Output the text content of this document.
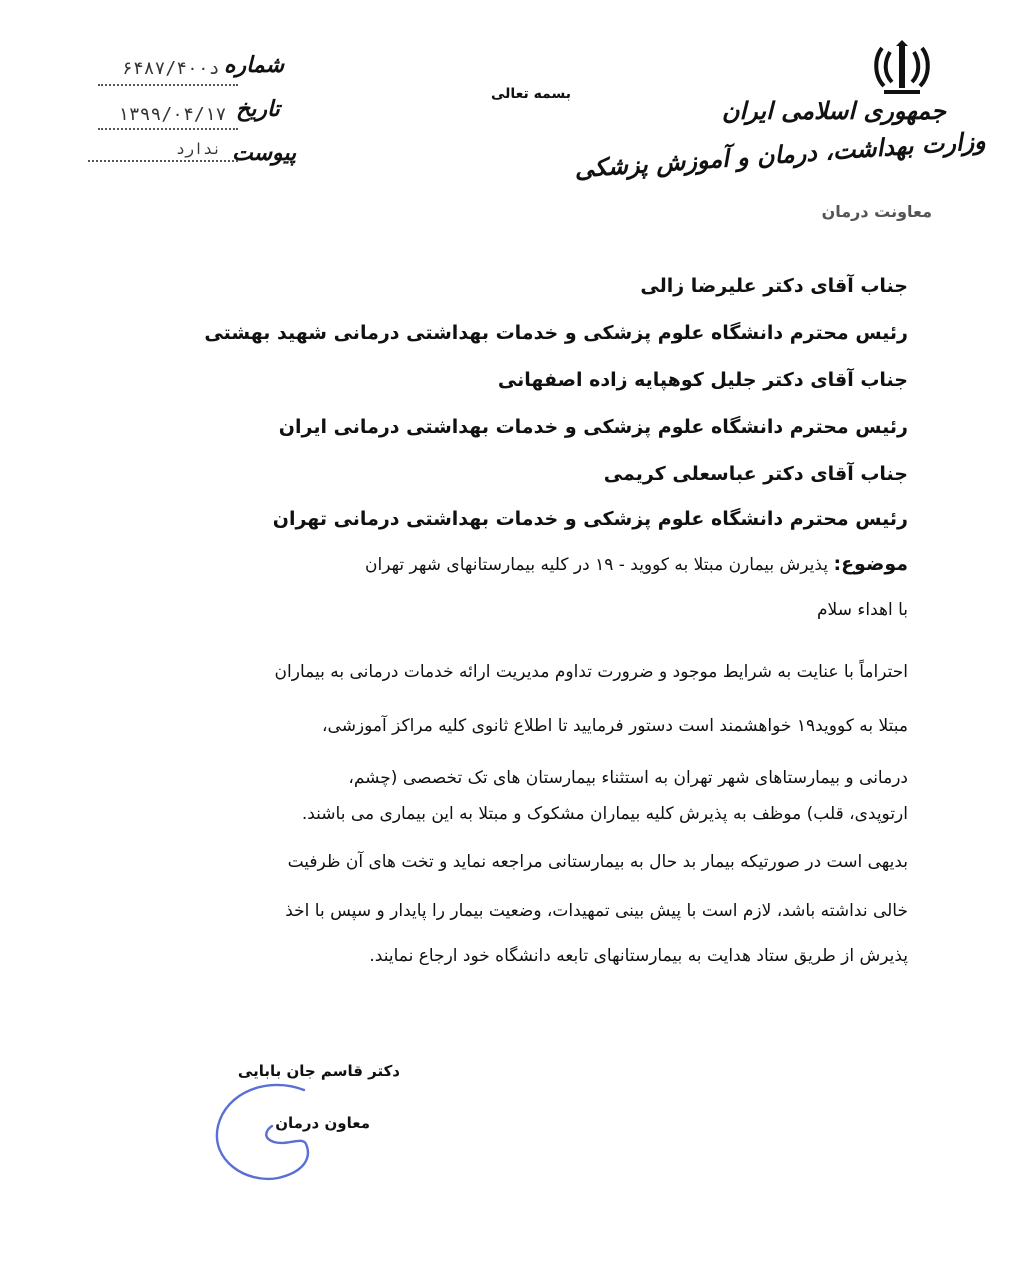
جمهوری اسلامی ایران
وزارت بهداشت، درمان و آموزش پزشکی
معاونت درمان
بسمه تعالی
شماره
۶۴۸۷/۴۰۰د
تاریخ
۱۳۹۹/۰۴/۱۷
پیوست
ندارد
جناب آقای دکتر علیرضا زالی
رئیس محترم دانشگاه علوم پزشکی و خدمات بهداشتی درمانی شهید بهشتی
جناب آقای دکتر جلیل کوهپایه زاده اصفهانی
رئیس محترم دانشگاه علوم پزشکی و خدمات بهداشتی درمانی ایران
جناب آقای دکتر عباسعلی کریمی
رئیس محترم دانشگاه علوم پزشکی و خدمات بهداشتی درمانی تهران
موضوع: پذیرش بیمارن مبتلا به کووید - ۱۹ در کلیه بیمارستانهای شهر تهران
با اهداء سلام
احتراماً با عنایت به شرایط موجود و ضرورت تداوم مدیریت ارائه خدمات درمانی به بیماران
مبتلا به کووید۱۹ خواهشمند است دستور فرمایید تا اطلاع ثانوی کلیه مراکز آموزشی،
درمانی و بیمارستاهای شهر تهران به استثناء بیمارستان های تک تخصصی (چشم،
ارتوپدی، قلب) موظف به پذیرش کلیه بیماران مشکوک و مبتلا به این بیماری می باشند.
بدیهی است در صورتیکه بیمار بد حال به بیمارستانی مراجعه نماید و تخت های آن ظرفیت
خالی نداشته باشد، لازم است با پیش بینی تمهیدات، وضعیت بیمار را پایدار و سپس با اخذ
پذیرش از طریق ستاد هدایت به بیمارستانهای تابعه دانشگاه خود ارجاع نمایند.
دکتر قاسم جان بابایی
معاون درمان
